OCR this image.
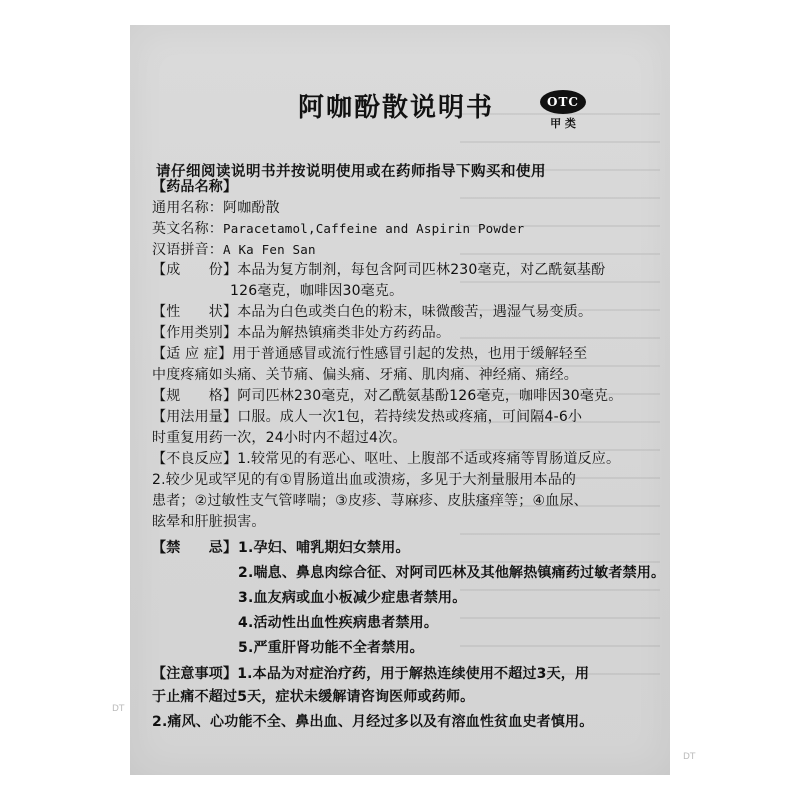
DT
DT
阿咖酚散说明书	OTC
甲 类
请仔细阅读说明书并按说明使用或在药师指导下购买和使用
【药品名称】
通用名称：阿咖酚散
英文名称：Paracetamol,Caffeine and Aspirin Powder
汉语拼音：A Ka Fen San
【成　　份】本品为复方制剂，每包含阿司匹林230毫克，对乙酰氨基酚
126毫克，咖啡因30毫克。
【性　　状】本品为白色或类白色的粉末，味微酸苦，遇湿气易变质。
【作用类别】本品为解热镇痛类非处方药药品。
【适 应 症】用于普通感冒或流行性感冒引起的发热，也用于缓解轻至
中度疼痛如头痛、关节痛、偏头痛、牙痛、肌肉痛、神经痛、痛经。
【规　　格】阿司匹林230毫克，对乙酰氨基酚126毫克，咖啡因30毫克。
【用法用量】口服。成人一次1包，若持续发热或疼痛，可间隔4-6小
时重复用药一次，24小时内不超过4次。
【不良反应】1.较常见的有恶心、呕吐、上腹部不适或疼痛等胃肠道反应。
2.较少见或罕见的有①胃肠道出血或溃疡，多见于大剂量服用本品的
患者；②过敏性支气管哮喘；③皮疹、荨麻疹、皮肤瘙痒等；④血尿、
眩晕和肝脏损害。
【禁　　忌】 1.孕妇、哺乳期妇女禁用。
2.喘息、鼻息肉综合征、对阿司匹林及其他解热镇痛药过敏者禁用。
3.血友病或血小板减少症患者禁用。
4.活动性出血性疾病患者禁用。
5.严重肝肾功能不全者禁用。
【注意事项】1.本品为对症治疗药，用于解热连续使用不超过3天，用
于止痛不超过5天，症状未缓解请咨询医师或药师。
2.痛风、心功能不全、鼻出血、月经过多以及有溶血性贫血史者慎用。
